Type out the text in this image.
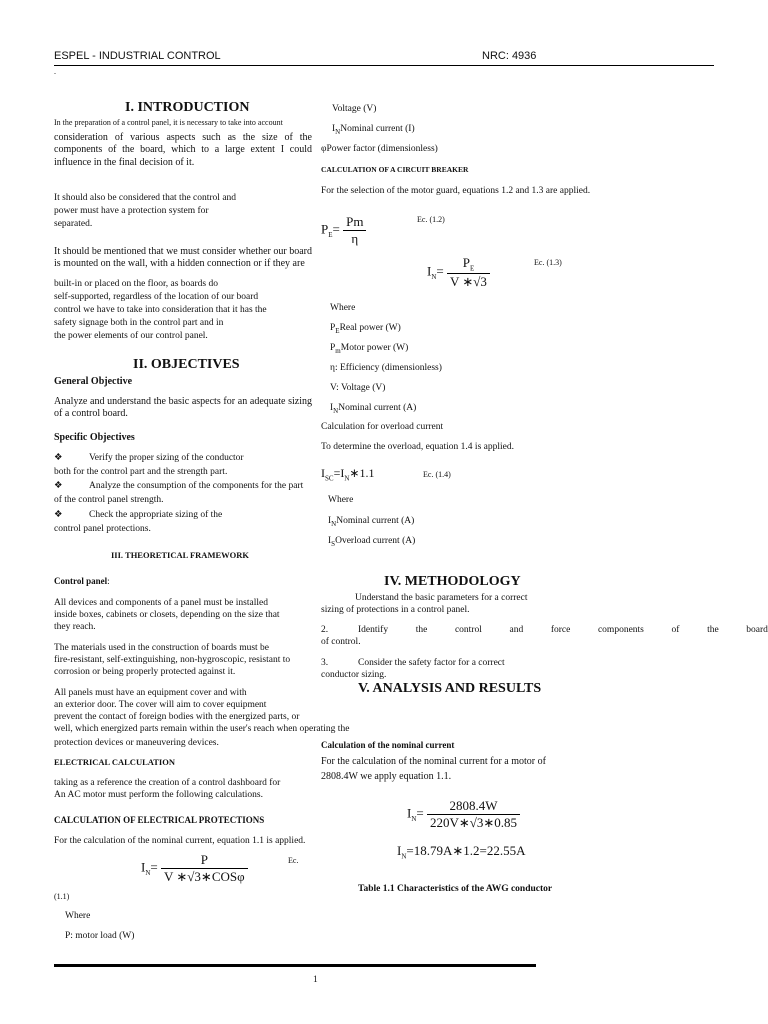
ESPEL - INDUSTRIAL CONTROL	NRC: 4936
.
I. INTRODUCTION
In the preparation of a control panel, it is necessary to take into account
consideration of various aspects such as the size of the components of the board, which to a large extent I could influence in the final decision of it.
It should also be considered that the control and
power must have a protection system for
separated.
It should be mentioned that we must consider whether our board is mounted on the wall, with a hidden connection or if they are
built-in or placed on the floor, as boards do
self-supported, regardless of the location of our board
control we have to take into consideration that it has the
safety signage both in the control part and in
the power elements of our control panel.
II. OBJECTIVES
General Objective
Analyze and understand the basic aspects for an adequate sizing of a control board.
Specific Objectives
❖	Verify the proper sizing of the conductor
both for the control part and the strength part.
❖	Analyze the consumption of the components for the part
of the control panel strength.
❖	Check the appropriate sizing of the
control panel protections.
III. THEORETICAL FRAMEWORK
Control panel:
All devices and components of a panel must be installed
inside boxes, cabinets or closets, depending on the size that
they reach.
The materials used in the construction of boards must be
fire-resistant, self-extinguishing, non-hygroscopic, resistant to
corrosion or being properly protected against it.
All panels must have an equipment cover and with
an exterior door. The cover will aim to cover equipment
prevent the contact of foreign bodies with the energized parts, or
well, which energized parts remain within the user's reach when operating the
protection devices or maneuvering devices.
ELECTRICAL CALCULATION
taking as a reference the creation of a control dashboard for
An AC motor must perform the following calculations.
CALCULATION OF ELECTRICAL PROTECTIONS
For the calculation of the nominal current, equation 1.1 is applied.
$I_N= \frac{P}{\text{V ∗√3∗COSφ}}$	Ec.
(1.1)
Where
P: motor load (W)
Voltage (V)
$I_NNominal$ current (I)
φPower factor (dimensionless)
CALCULATION OF A CIRCUIT BREAKER
For the selection of the motor guard, equations 1.2 and 1.3 are applied.
$P_E= \frac{Pm}{\eta}$	Ec. (1.2)
$I_N= \frac{P_E}{V ∗√3}$	Ec. (1.3)
Where
$P_EReal$ power (W)
$P_mMotor$ power (W)
η: Efficiency (dimensionless)
V: Voltage (V)
$I_NNominal$ current (A)
Calculation for overload current
To determine the overload, equation 1.4 is applied.
$I_{SC}=I_N∗1.1$	Ec. (1.4)
Where
$I_NNominal$ current (A)
$I_SOverload$ current (A)
IV. METHODOLOGY
Understand the basic parameters for a correct
sizing of protections in a control panel.
2.	Identify	the	control	and	force	components	of	the	board
of control.
3.	Consider the safety factor for a correct
conductor sizing.
V. ANALYSIS AND RESULTS
Calculation of the nominal current
For the calculation of the nominal current for a motor of
2808.4W we apply equation 1.1.
$I_N= \frac{2808.4W}{220V∗√3∗0.85}$
$I_N=18.79A∗1.2=22.55A$
Table 1.1 Characteristics of the AWG conductor
1
